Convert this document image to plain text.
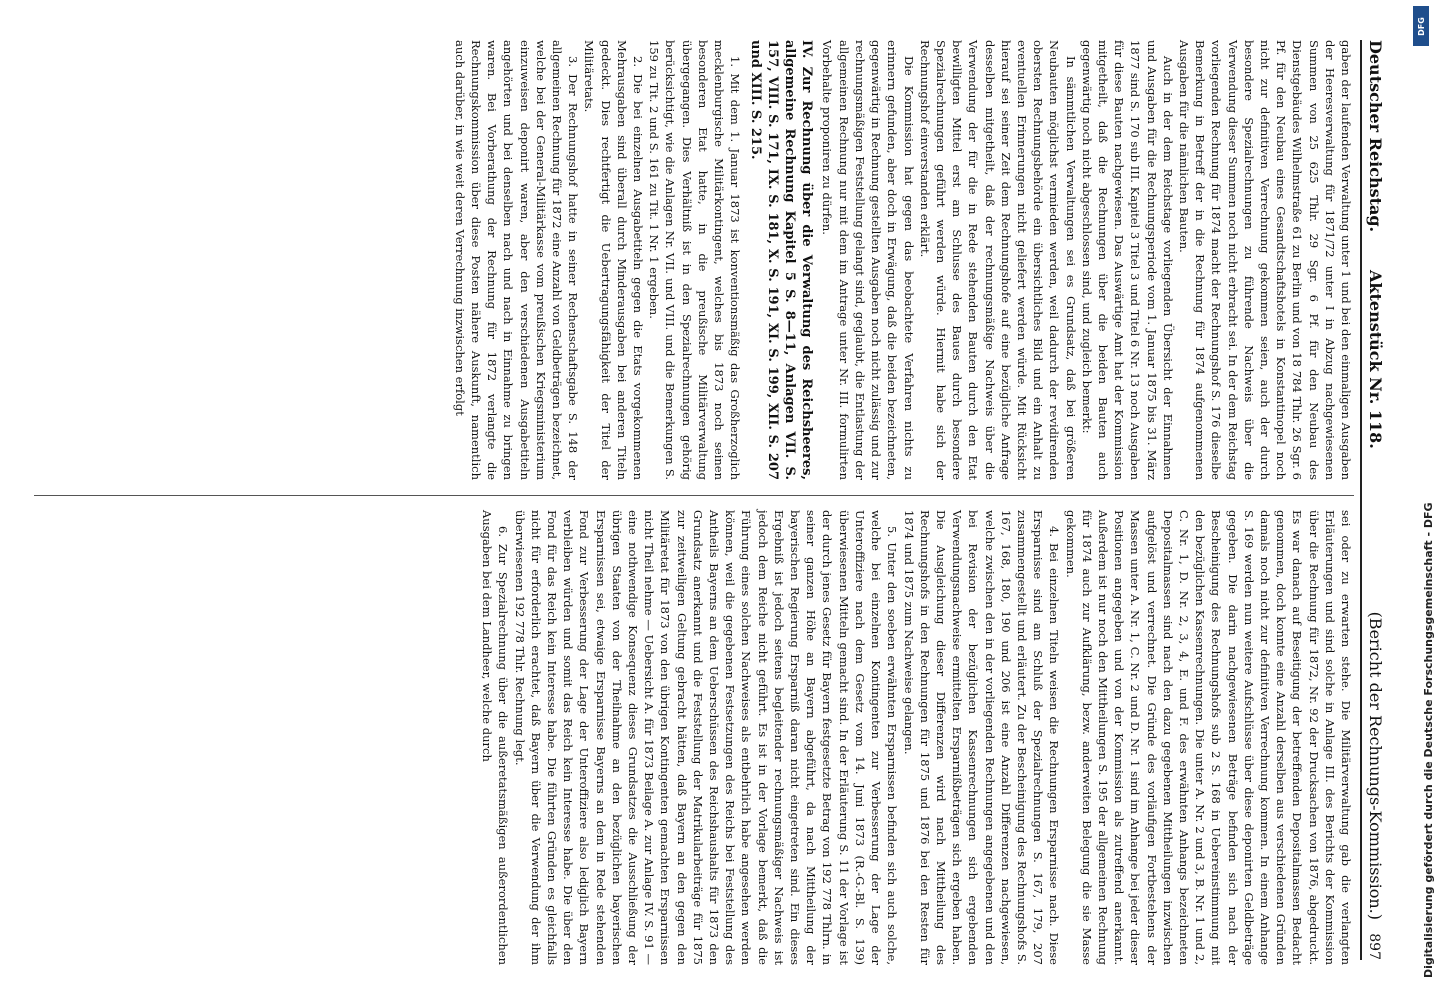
Deutscher Reichstag.
Aktenstück Nr. 118.
(Bericht der Rechnungs-Kommission.)
897

gaben der laufenden Verwaltung unter 1 und bei den einmaligen Ausgaben der Heeresverwaltung für 1871/72 unter I in Abzug nachgewiesenen Summen von 25 625 Thlr. 29 Sgr. 6 Pf. für den Neubau des Dienstgebäudes Wilhelmstraße 61 zu Berlin und von 18 784 Thlr. 26 Sgr. 6 Pf. für den Neubau eines Gesandtschaftshotels in Konstantinopel noch nicht zur definitiven Verrechnung gekommen seien, auch der durch besondere Spezialrechnungen zu führende Nachweis über die Verwendung dieser Summen noch nicht erbracht sei. In der dem Reichstag vorliegenden Rechnung für 1874 macht der Rechnungshof S. 176 dieselbe Bemerkung in Betreff der in die Rechnung für 1874 aufgenommenen Ausgaben für die nämlichen Bauten.

Auch in der dem Reichstage vorliegenden Übersicht der Einnahmen und Ausgaben für die Rechnungsperiode vom 1. Januar 1875 bis 31. März 1877 sind S. 170 sub III. Kapitel 3 Titel 3 und Titel 6 Nr. 13 noch Ausgaben für diese Bauten nachgewiesen. Das Auswärtige Amt hat der Kommission mitgetheilt, daß die Rechnungen über die beiden Bauten auch gegenwärtig noch nicht abgeschlossen sind, und zugleich bemerkt:

In sämmtlichen Verwaltungen sei es Grundsatz, daß bei größeren Neubauten möglichst vermieden werden, weil dadurch der revidirenden obersten Rechnungsbehörde ein übersichtliches Bild und ein Anhalt zu eventuellen Erinnerungen nicht geliefert werden würde. Mit Rücksicht hierauf sei seiner Zeit dem Rechnungshofe auf eine bezügliche Anfrage desselben mitgetheilt, daß der rechnungsmäßige Nachweis über die Verwendung der für die in Rede stehenden Bauten durch den Etat bewilligten Mittel erst am Schlusse des Baues durch besondere Spezialrechnungen geführt werden würde. Hiermit habe sich der Rechnungshof einverstanden erklärt.

Die Kommission hat gegen das beobachtete Verfahren nichts zu erinnern gefunden, aber doch in Erwägung, daß die beiden bezeichneten, gegenwärtig in Rechnung gestellten Ausgaben noch nicht zulässig und zur rechnungsmäßigen Feststellung gelangt sind, geglaubt, die Entlastung der allgemeinen Rechnung nur mit dem im Antrage unter Nr. III. formulirten Vorbehalte proponiren zu dürfen.

IV. Zur Rechnung über die Verwaltung des Reichsheeres, allgemeine Rechnung Kapitel 5 S. 8—11, Anlagen VII. S. 157, VIII. S. 171, IX. S. 181, X. S. 191, XI. S. 199, XII. S. 207 und XIII. S. 215.

1. Mit dem 1. Januar 1873 ist konventionsmäßig das Großherzoglich mecklenburgische Militärkontingent, welches bis 1873 noch seinen besonderen Etat hatte, in die preußische Militärverwaltung übergegangen. Dies Verhältniß ist in den Spezialrechnungen gehörig berücksichtigt, wie die Anlagen Nr. VII. und VIII. und die Bemerkungen S. 159 zu Tit. 2 und S. 161 zu Tit. 1 Nr. 1 ergeben.

2. Die bei einzelnen Ausgabetiteln gegen die Etats vorgekommenen Mehrausgaben sind überall durch Minderausgaben bei anderen Titeln gedeckt. Dies rechtfertigt die Uebertragungsfähigkeit der Titel der Militäretats.

3. Der Rechnungshof hatte in seiner Rechenschaftsgabe S. 148 der allgemeinen Rechnung für 1872 eine Anzahl von Geldbeträgen bezeichnet, welche bei der General-Militärkasse vom preußischen Kriegsministerium einzuweisen deponirt waren, aber den verschiedenen Ausgabetiteln angehörten und bei denselben nach und nach in Einnahme zu bringen waren. Bei Vorberathung der Rechnung für 1872 verlangte die Rechnungskommission über diese Posten nähere Auskunft, namentlich auch darüber, in wie weit deren Verrechnung inzwischen erfolgt

sei oder zu erwarten stehe. Die Militärverwaltung gab die verlangten Erläuterungen und sind solche in Anlage III. des Berichts der Kommission über die Rechnung für 1872, Nr. 92 der Drucksachen von 1876, abgedruckt. Es war danach auf Beseitigung der betreffenden Depositalmassen Bedacht genommen, doch konnte eine Anzahl derselben aus verschiedenen Gründen damals noch nicht zur definitiven Verrechnung kommen. In einem Anhange S. 169 werden nun weitere Aufschlüsse über diese deponirten Geldbeträge gegeben. Die darin nachgewiesenen Beträge befinden sich nach der Bescheinigung des Rechnungshofs sub 2 S. 168 in Uebereinstimmung mit den bezüglichen Kassenrechnungen. Die unter A. Nr. 2 und 3, B. Nr. 1 und 2, C. Nr. 1, D. Nr. 2, 3, 4, E. und F. des erwähnten Anhangs bezeichneten Depositalmassen sind nach den dazu gegebenen Mittheilungen inzwischen aufgelöst und verrechnet. Die Gründe des vorläufigen Fortbestehens der Massen unter A. Nr. 1, C. Nr. 2 und D. Nr. 1 sind im Anhange bei jeder dieser Positionen angegeben und von der Kommission als zutreffend anerkannt. Außerdem ist nur noch den Mittheilungen S. 195 der allgemeinen Rechnung für 1874 auch zur Aufklärung, bezw. anderweiten Belegung die sie Masse gekommen.

4. Bei einzelnen Titeln weisen die Rechnungen Ersparnisse nach. Diese Ersparnisse sind am Schluß der Spezialrechnungen S. 167, 179, 207 zusammengestellt und erläutert. Zu der Bescheinigung des Rechnungshofs S. 167, 168, 180, 190 und 206 ist eine Anzahl Differenzen nachgewiesen, welche zwischen den in der vorliegenden Rechnungen angegebenen und den bei Revision der bezüglichen Kassenrechnungen sich ergebenden Verwendungsnachweise ermittelten Ersparnißbeträgen sich ergeben haben. Die Ausgleichung dieser Differenzen wird nach Mittheilung des Rechnungshofs in den Rechnungen für 1875 und 1876 bei den Resten für 1874 und 1875 zum Nachweise gelangen.

5. Unter den soeben erwähnten Ersparnissen befinden sich auch solche, welche bei einzelnen Kontingenten zur Verbesserung der Lage der Unteroffiziere nach dem Gesetz vom 14. Juni 1873 (R.-G.-Bl. S. 139) überwiesenen Mitteln gemacht sind. In der Erläuterung S. 11 der Vorlage ist der durch jenes Gesetz für Bayern festgesetzte Betrag von 192 778 Thlrn. in seiner ganzen Höhe an Bayern abgeführt, da nach Mittheilung der bayerischen Regierung Ersparniß daran nicht eingetreten sind. Ein dieses Ergebniß ist jedoch seitens begleitender rechnungsmäßiger Nachweis ist jedoch dem Reiche nicht geführt. Es ist in der Vorlage bemerkt, daß die Führung eines solchen Nachweises als entbehrlich habe angesehen werden können, weil die gegebenen Festsetzungen des Reichs bei Feststellung des Antheils Bayerns an dem Ueberschüssen des Reichshaushalts für 1873 den Grundsatz anerkannt und die Feststellung der Matrikularbeiträge für 1875 zur zeitweiligen Geltung gebracht hätten, daß Bayern an den gegen den Militäretat für 1873 von den übrigen Kontingenten gemachten Ersparnissen nicht Theil nehme — Uebersicht A. für 1873 Beilage A. zur Anlage IV. S. 91 — eine nothwendige Konsequenz dieses Grundsatzes die Ausschließung der übrigen Staaten von der Theilnahme an den bezüglichen bayerischen Ersparnissen sei, etwaige Ersparnisse Bayerns an dem in Rede stehenden Fond zur Verbesserung der Lage der Unteroffiziere also lediglich Bayern verbleiben würden und somit das Reich kein Interesse habe. Die über den Fond für das Reich kein Interesse habe. Die führten Gründen es gleichfalls nicht für erforderlich erachtet, daß Bayern über die Verwendung der ihm überwiesenen 192 778 Thlr. Rechnung legt.

6. Zur Spezialrechnung über die außeretatsmäßigen außerordentlichen Ausgaben bei dem Landheer, welche durch	Digitalisierung gefördert durch die Deutsche Forschungsgemeinschaft - DFG
DFG
